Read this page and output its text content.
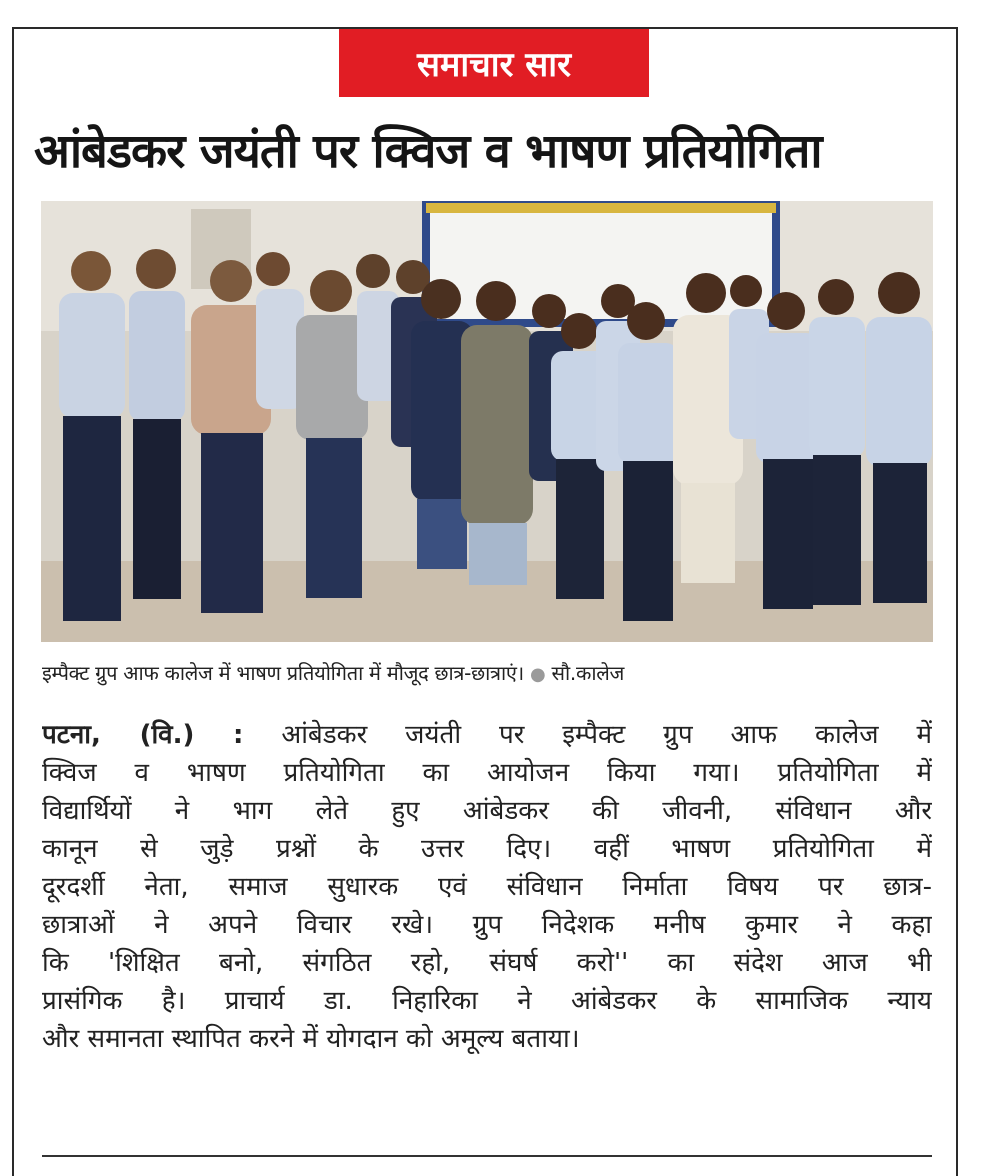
समाचार सार
आंबेडकर जयंती पर क्विज व भाषण प्रतियोगिता
इम्पैक्ट ग्रुप आफ कालेज में भाषण प्रतियोगिता में मौजूद छात्र-छात्राएं। ● सौ.कालेज
पटना, (वि.) : आंबेडकर जयंती पर इम्पैक्ट ग्रुप आफ कालेज में
क्विज व भाषण प्रतियोगिता का आयोजन किया गया। प्रतियोगिता में
विद्यार्थियों ने भाग लेते हुए आंबेडकर की जीवनी, संविधान और
कानून से जुड़े प्रश्नों के उत्तर दिए। वहीं भाषण प्रतियोगिता में
दूरदर्शी नेता, समाज सुधारक एवं संविधान निर्माता विषय पर छात्र-
छात्राओं ने अपने विचार रखे। ग्रुप निदेशक मनीष कुमार ने कहा
कि 'शिक्षित बनो, संगठित रहो, संघर्ष करो'' का संदेश आज भी
प्रासंगिक है। प्राचार्य डा. निहारिका ने आंबेडकर के सामाजिक न्याय
और समानता स्थापित करने में योगदान को अमूल्य बताया।
